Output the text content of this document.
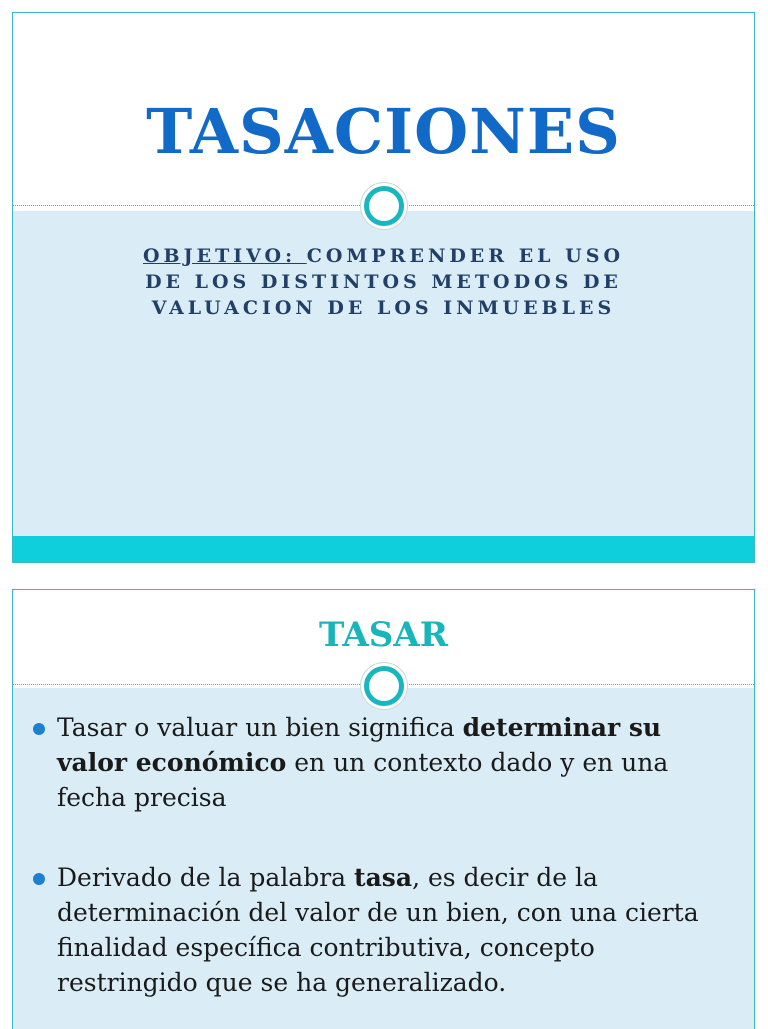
TASACIONES
OBJETIVO: COMPRENDER EL USO
DE LOS DISTINTOS METODOS DE
VALUACION DE LOS INMUEBLES
TASAR
Tasar o valuar un bien significa determinar su valor económico en un contexto dado y en una fecha precisa
Derivado de la palabra tasa, es decir de la determinación del valor de un bien, con una cierta finalidad específica contributiva, concepto restringido que se ha generalizado.
